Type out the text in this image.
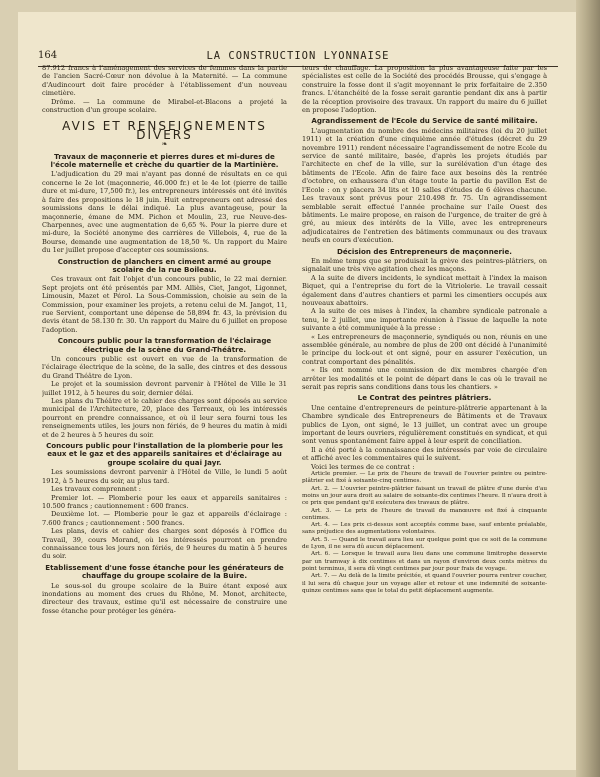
164	LA CONSTRUCTION LYONNAISE

87.912 francs à l'aménagement des services de femmes dans la partie de l'ancien Sacré-Cœur non dévolue à la Maternité. — La commune d'Audincourt doit faire procéder à l'établissement d'un nouveau cimetière.

Drôme. — La commune de Mirabel-et-Blacons a projeté la construction d'un groupe scolaire.

AVIS ET RENSEIGNEMENTS DIVERS
❧
Travaux de maçonnerie et pierres dures et mi-dures de l'école maternelle et crèche du quartier de la Martinière.

L'adjudication du 29 mai n'ayant pas donné de résultats en ce qui concerne le 2e lot (maçonnerie, 46.000 fr.) et le 4e lot (pierre de taille dure et mi-dure, 17,500 fr.), les entrepreneurs intéressés ont été invités à faire des propositions le 18 juin. Huit entrepreneurs ont adressé des soumissions dans le délai indiqué. La plus avantageuse, pour la maçonnerie, émane de MM. Pichon et Moulin, 23, rue Neuve-des-Charpennes, avec une augmentation de 6,65 %. Pour la pierre dure et mi-dure, la Société anonyme des carrières de Villebois, 4, rue de la Bourse, demande une augmentation de 18,50 %. Un rapport du Maire du 1er juillet propose d'accepter ces soumissions.

Construction de planchers en ciment armé au groupe scolaire de la rue Boileau.

Ces travaux ont fait l'objet d'un concours public, le 22 mai dernier. Sept projets ont été présentés par MM. Alliès, Ciet, Jangot, Ligonnet, Limousin, Mazet et Pérol. La Sous-Commission, choisie au sein de la Commission, pour examiner les projets, a retenu celui de M. Jangot, 11, rue Servient, comportant une dépense de 58,894 fr. 43, la prévision du devis étant de 58.130 fr. 30. Un rapport du Maire du 6 juillet en propose l'adoption.

Concours public pour la transformation de l'éclairage électrique de la scène du Grand-Théâtre.

Un concours public est ouvert en vue de la transformation de l'éclairage électrique de la scène, de la salle, des cintres et des dessous du Grand Théâtre de Lyon.

Le projet et la soumission devront parvenir à l'Hôtel de Ville le 31 juillet 1912, à 5 heures du soir, dernier délai.

Les plans du Théâtre et le cahier des charges sont déposés au service municipal de l'Architecture, 20, place des Terreaux, où les intéressés pourront en prendre connaissance, et où il leur sera fourni tous les renseignements utiles, les jours non fériés, de 9 heures du matin à midi et de 2 heures à 5 heures du soir.

Concours public pour l'installation de la plomberie pour les eaux et le gaz et des appareils sanitaires et d'éclairage au groupe scolaire du quai Jayr.

Les soumissions devront parvenir à l'Hôtel de Ville, le lundi 5 août 1912, à 5 heures du soir, au plus tard.

Les travaux comprennent :

Premier lot. — Plomberie pour les eaux et appareils sanitaires : 10.500 francs ; cautionnement : 600 francs.

Deuxième lot. — Plomberie pour le gaz et appareils d'éclairage : 7.600 francs ; cautionnement : 500 francs.

Les plans, devis et cahier des charges sont déposés à l'Office du Travail, 39, cours Morand, où les intéressés pourront en prendre connaissance tous les jours non fériés, de 9 heures du matin à 5 heures du soir.

Etablissement d'une fosse étanche pour les générateurs de chauffage du groupe scolaire de la Buire.

Le sous-sol du groupe scolaire de la Buire étant exposé aux inondations au moment des crues du Rhône, M. Monot, architecte, directeur des travaux, estime qu'il est nécessaire de construire une fosse étanche pour protéger les généra-

teurs de chauffage. La proposition la plus avantageuse faite par les spécialistes est celle de la Société des procédés Brousse, qui s'engage à construire la fosse dont il s'agit moyennant le prix forfaitaire de 2.350 francs. L'étanchéité de la fosse serait garantie pendant dix ans à partir de la réception provisoire des travaux. Un rapport du maire du 6 juillet en propose l'adoption.

Agrandissement de l'Ecole du Service de santé militaire.

L'augmentation du nombre des médecins militaires (loi du 20 juillet 1911) et la création d'une cinquième année d'études (décret du 29 novembre 1911) rendent nécessaire l'agrandissement de notre Ecole du service de santé militaire, basée, d'après les projets étudiés par l'architecte en chef de la ville, sur la surélévation d'un étage des bâtiments de l'Ecole. Afin de faire face aux besoins dès la rentrée d'octobre, on exhaussera d'un étage toute la partie du pavillon Est de l'Ecole : on y placera 34 lits et 10 salles d'études de 6 élèves chacune. Les travaux sont prévus pour 210.498 fr. 75. Un agrandissement semblable serait effectué l'année prochaine sur l'aile Ouest des bâtiments. Le maire propose, en raison de l'urgence, de traiter de gré à gré, au mieux des intérêts de la Ville, avec les entrepreneurs adjudicataires de l'entretien des bâtiments communaux ou des travaux neufs en cours d'exécution.

Décision des Entrepreneurs de maçonnerie.

En même temps que se produisait la grève des peintres-plâtriers, on signalait une très vive agitation chez les maçons.

A la suite de divers incidents, le syndicat mettait à l'index la maison Biquet, qui a l'entreprise du fort de la Vitriolerie. Le travail cessait également dans d'autres chantiers et parmi les cimentiers occupés aux nouveaux abattoirs.

A la suite de ces mises à l'index, la chambre syndicale patronale a tenu, le 2 juillet, une importante réunion à l'issue de laquelle la note suivante a été communiquée à la presse :

« Les entrepreneurs de maçonnerie, syndiqués ou non, réunis en une assemblée générale, au nombre de plus de 200 ont décidé à l'unanimité le principe du lock-out et ont signé, pour en assurer l'exécution, un contrat comportant des pénalités.

« Ils ont nommé une commission de dix membres chargée d'en arrêter les modalités et le point de départ dans le cas où le travail ne serait pas repris sans conditions dans tous les chantiers. »

Le Contrat des peintres plâtriers.

Une centaine d'entrepreneurs de peinture-plâtrerie appartenant à la Chambre syndicale des Entrepreneurs de Bâtiments et de Travaux publics de Lyon, ont signé, le 13 juillet, un contrat avec un groupe important de leurs ouvriers, régulièrement constitués en syndicat, et qui sont venus spontanément faire appel à leur esprit de conciliation.

Il a été porté à la connaissance des intéressés par voie de circulaire et affiché avec les commentaires qui le suivent.

Voici les termes de ce contrat :

Article premier. — Le prix de l'heure de travail de l'ouvrier peintre ou peintre-plâtrier est fixé à soixante-cinq centimes.

Art. 2. — L'ouvrier peintre-plâtrier faisant un travail de plâtre d'une durée d'au moins un jour aura droit au salaire de soixante-dix centimes l'heure. Il n'aura droit à ce prix que pendant qu'il exécutera des travaux de plâtre.

Art. 3. — Le prix de l'heure de travail du manœuvre est fixé à cinquante centimes.

Art. 4. — Les prix ci-dessus sont acceptés comme base, sauf entente préalable, sans préjudice des augmentations volontaires.

Art. 5. — Quand le travail aura lieu sur quelque point que ce soit de la commune de Lyon, il ne sera dû aucun déplacement.

Art. 6. — Lorsque le travail aura lieu dans une commune limitrophe desservie par un tramway à dix centimes et dans un rayon d'environ deux cents mètres du point terminus, il sera dû vingt centimes par jour pour frais de voyage.

Art. 7. — Au delà de la limite précitée, et quand l'ouvrier pourra rentrer coucher, il lui sera dû chaque jour un voyage aller et retour et une indemnité de soixante-quinze centimes sans que le total du petit déplacement augmente.
